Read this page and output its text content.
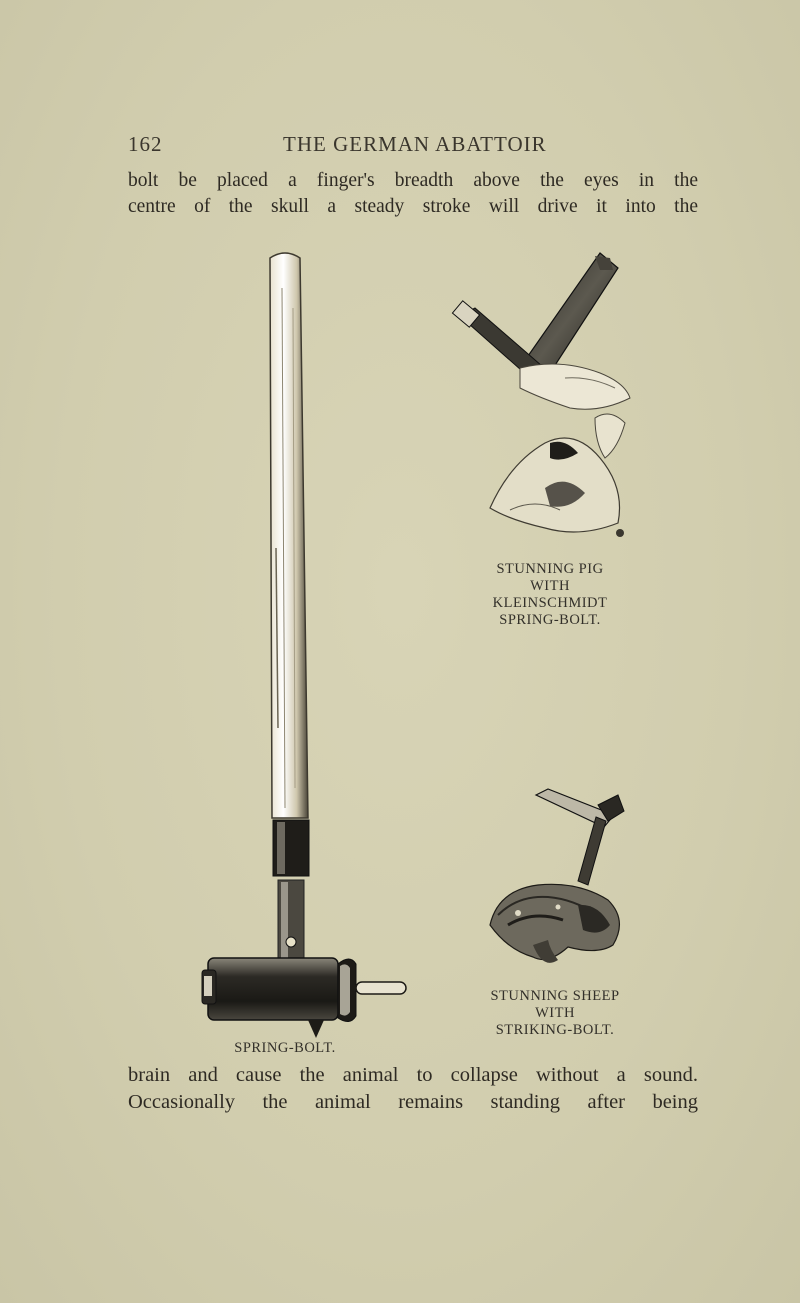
162	THE GERMAN ABATTOIR
bolt be placed a finger's breadth above the eyes in the
centre of the skull a steady stroke will drive it into the
SPRING-BOLT.
STUNNING PIG
WITH
KLEINSCHMIDT
SPRING-BOLT.
STUNNING SHEEP
WITH
STRIKING-BOLT.
brain and cause the animal to collapse without a sound.
Occasionally the animal remains standing after being
